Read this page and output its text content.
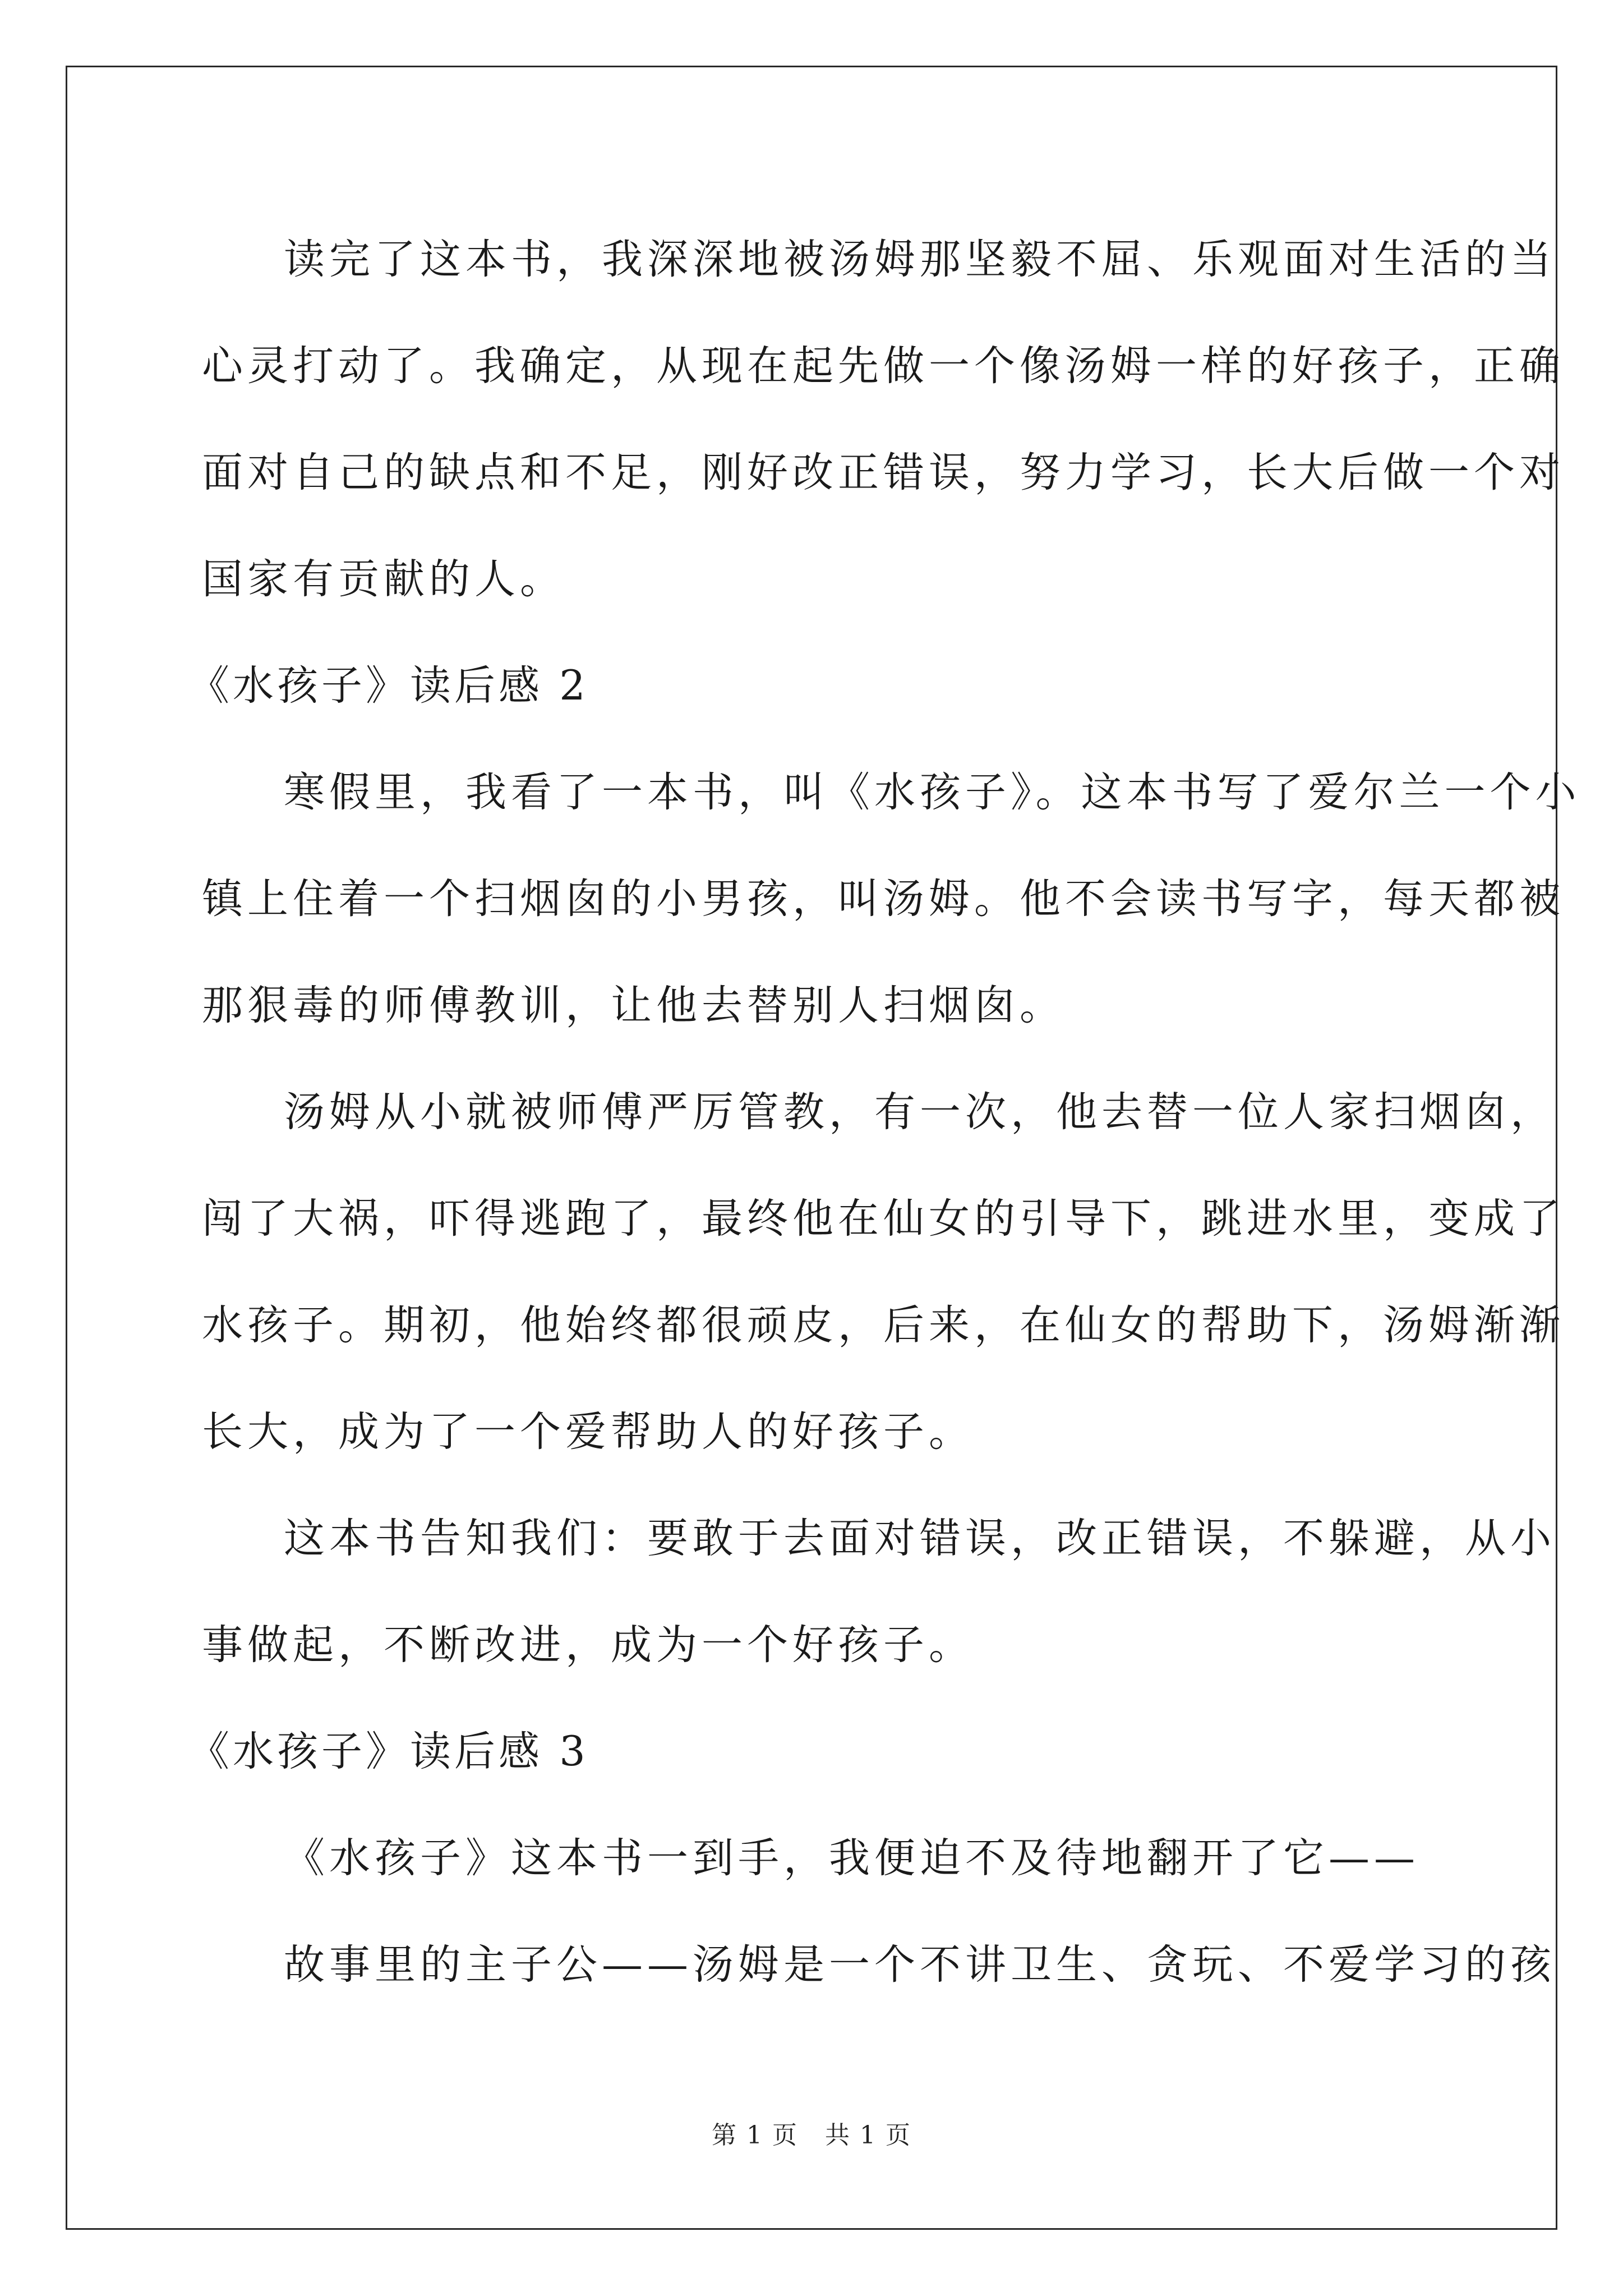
读完了这本书，我深深地被汤姆那坚毅不屈、乐观面对生活的当
心灵打动了。我确定，从现在起先做一个像汤姆一样的好孩子，正确
面对自己的缺点和不足，刚好改正错误，努力学习，长大后做一个对
国家有贡献的人。
《水孩子》读后感 2
寒假里，我看了一本书，叫《水孩子》。这本书写了爱尔兰一个小
镇上住着一个扫烟囱的小男孩，叫汤姆。他不会读书写字，每天都被
那狠毒的师傅教训，让他去替别人扫烟囱。
汤姆从小就被师傅严厉管教，有一次，他去替一位人家扫烟囱，
闯了大祸，吓得逃跑了，最终他在仙女的引导下，跳进水里，变成了
水孩子。期初，他始终都很顽皮，后来，在仙女的帮助下，汤姆渐渐
长大，成为了一个爱帮助人的好孩子。
这本书告知我们：要敢于去面对错误，改正错误，不躲避，从小
事做起，不断改进，成为一个好孩子。
《水孩子》读后感 3
《水孩子》这本书一到手，我便迫不及待地翻开了它——
故事里的主子公——汤姆是一个不讲卫生、贪玩、不爱学习的孩
第 1 页 共 1 页
